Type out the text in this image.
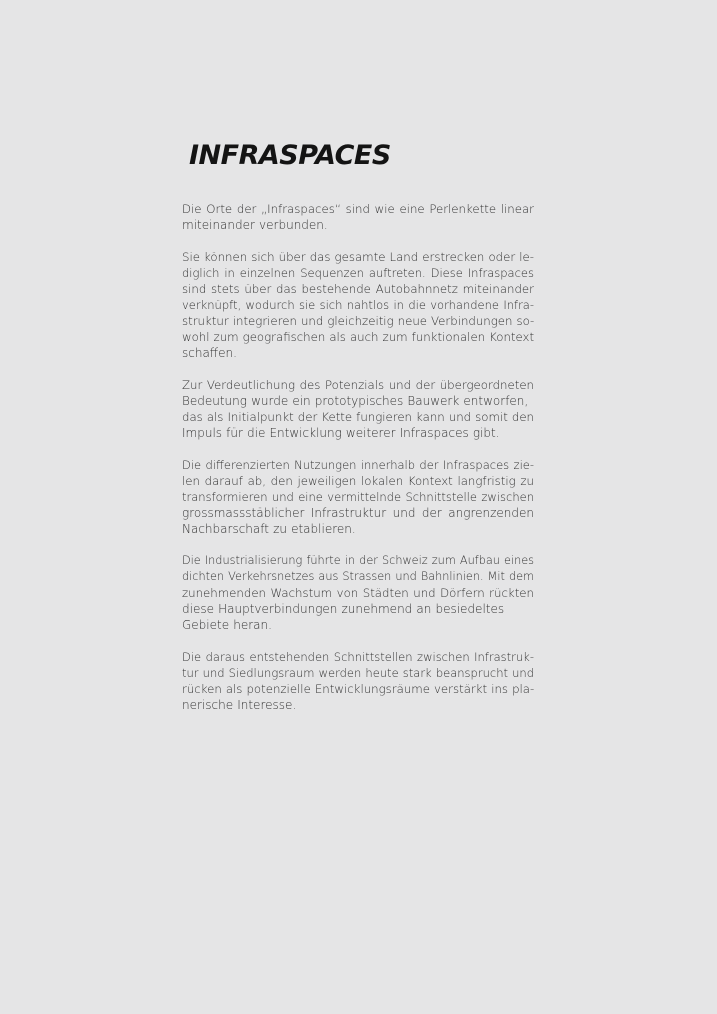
INFRASPACES

Die Orte der „Infraspaces“ sind wie eine Perlenkette linear
miteinander verbunden.

Sie können sich über das gesamte Land erstrecken oder le-
diglich in einzelnen Sequenzen auftreten. Diese Infraspaces
sind stets über das bestehende Autobahnnetz miteinander
verknüpft, wodurch sie sich nahtlos in die vorhandene Infra-
struktur integrieren und gleichzeitig neue Verbindungen so-
wohl zum geografischen als auch zum funktionalen Kontext
schaffen.

Zur Verdeutlichung des Potenzials und der übergeordneten
Bedeutung wurde ein prototypisches Bauwerk entworfen,
das als Initialpunkt der Kette fungieren kann und somit den
Impuls für die Entwicklung weiterer Infraspaces gibt.

Die differenzierten Nutzungen innerhalb der Infraspaces zie-
len darauf ab, den jeweiligen lokalen Kontext langfristig zu
transformieren und eine vermittelnde Schnittstelle zwischen
grossmassstäblicher Infrastruktur und der angrenzenden
Nachbarschaft zu etablieren.

Die Industrialisierung führte in der Schweiz zum Aufbau eines
dichten Verkehrsnetzes aus Strassen und Bahnlinien. Mit dem
zunehmenden Wachstum von Städten und Dörfern rückten
diese Hauptverbindungen zunehmend an besiedeltes
Gebiete heran.

Die daraus entstehenden Schnittstellen zwischen Infrastruk-
tur und Siedlungsraum werden heute stark beansprucht und
rücken als potenzielle Entwicklungsräume verstärkt ins pla-
nerische Interesse.
